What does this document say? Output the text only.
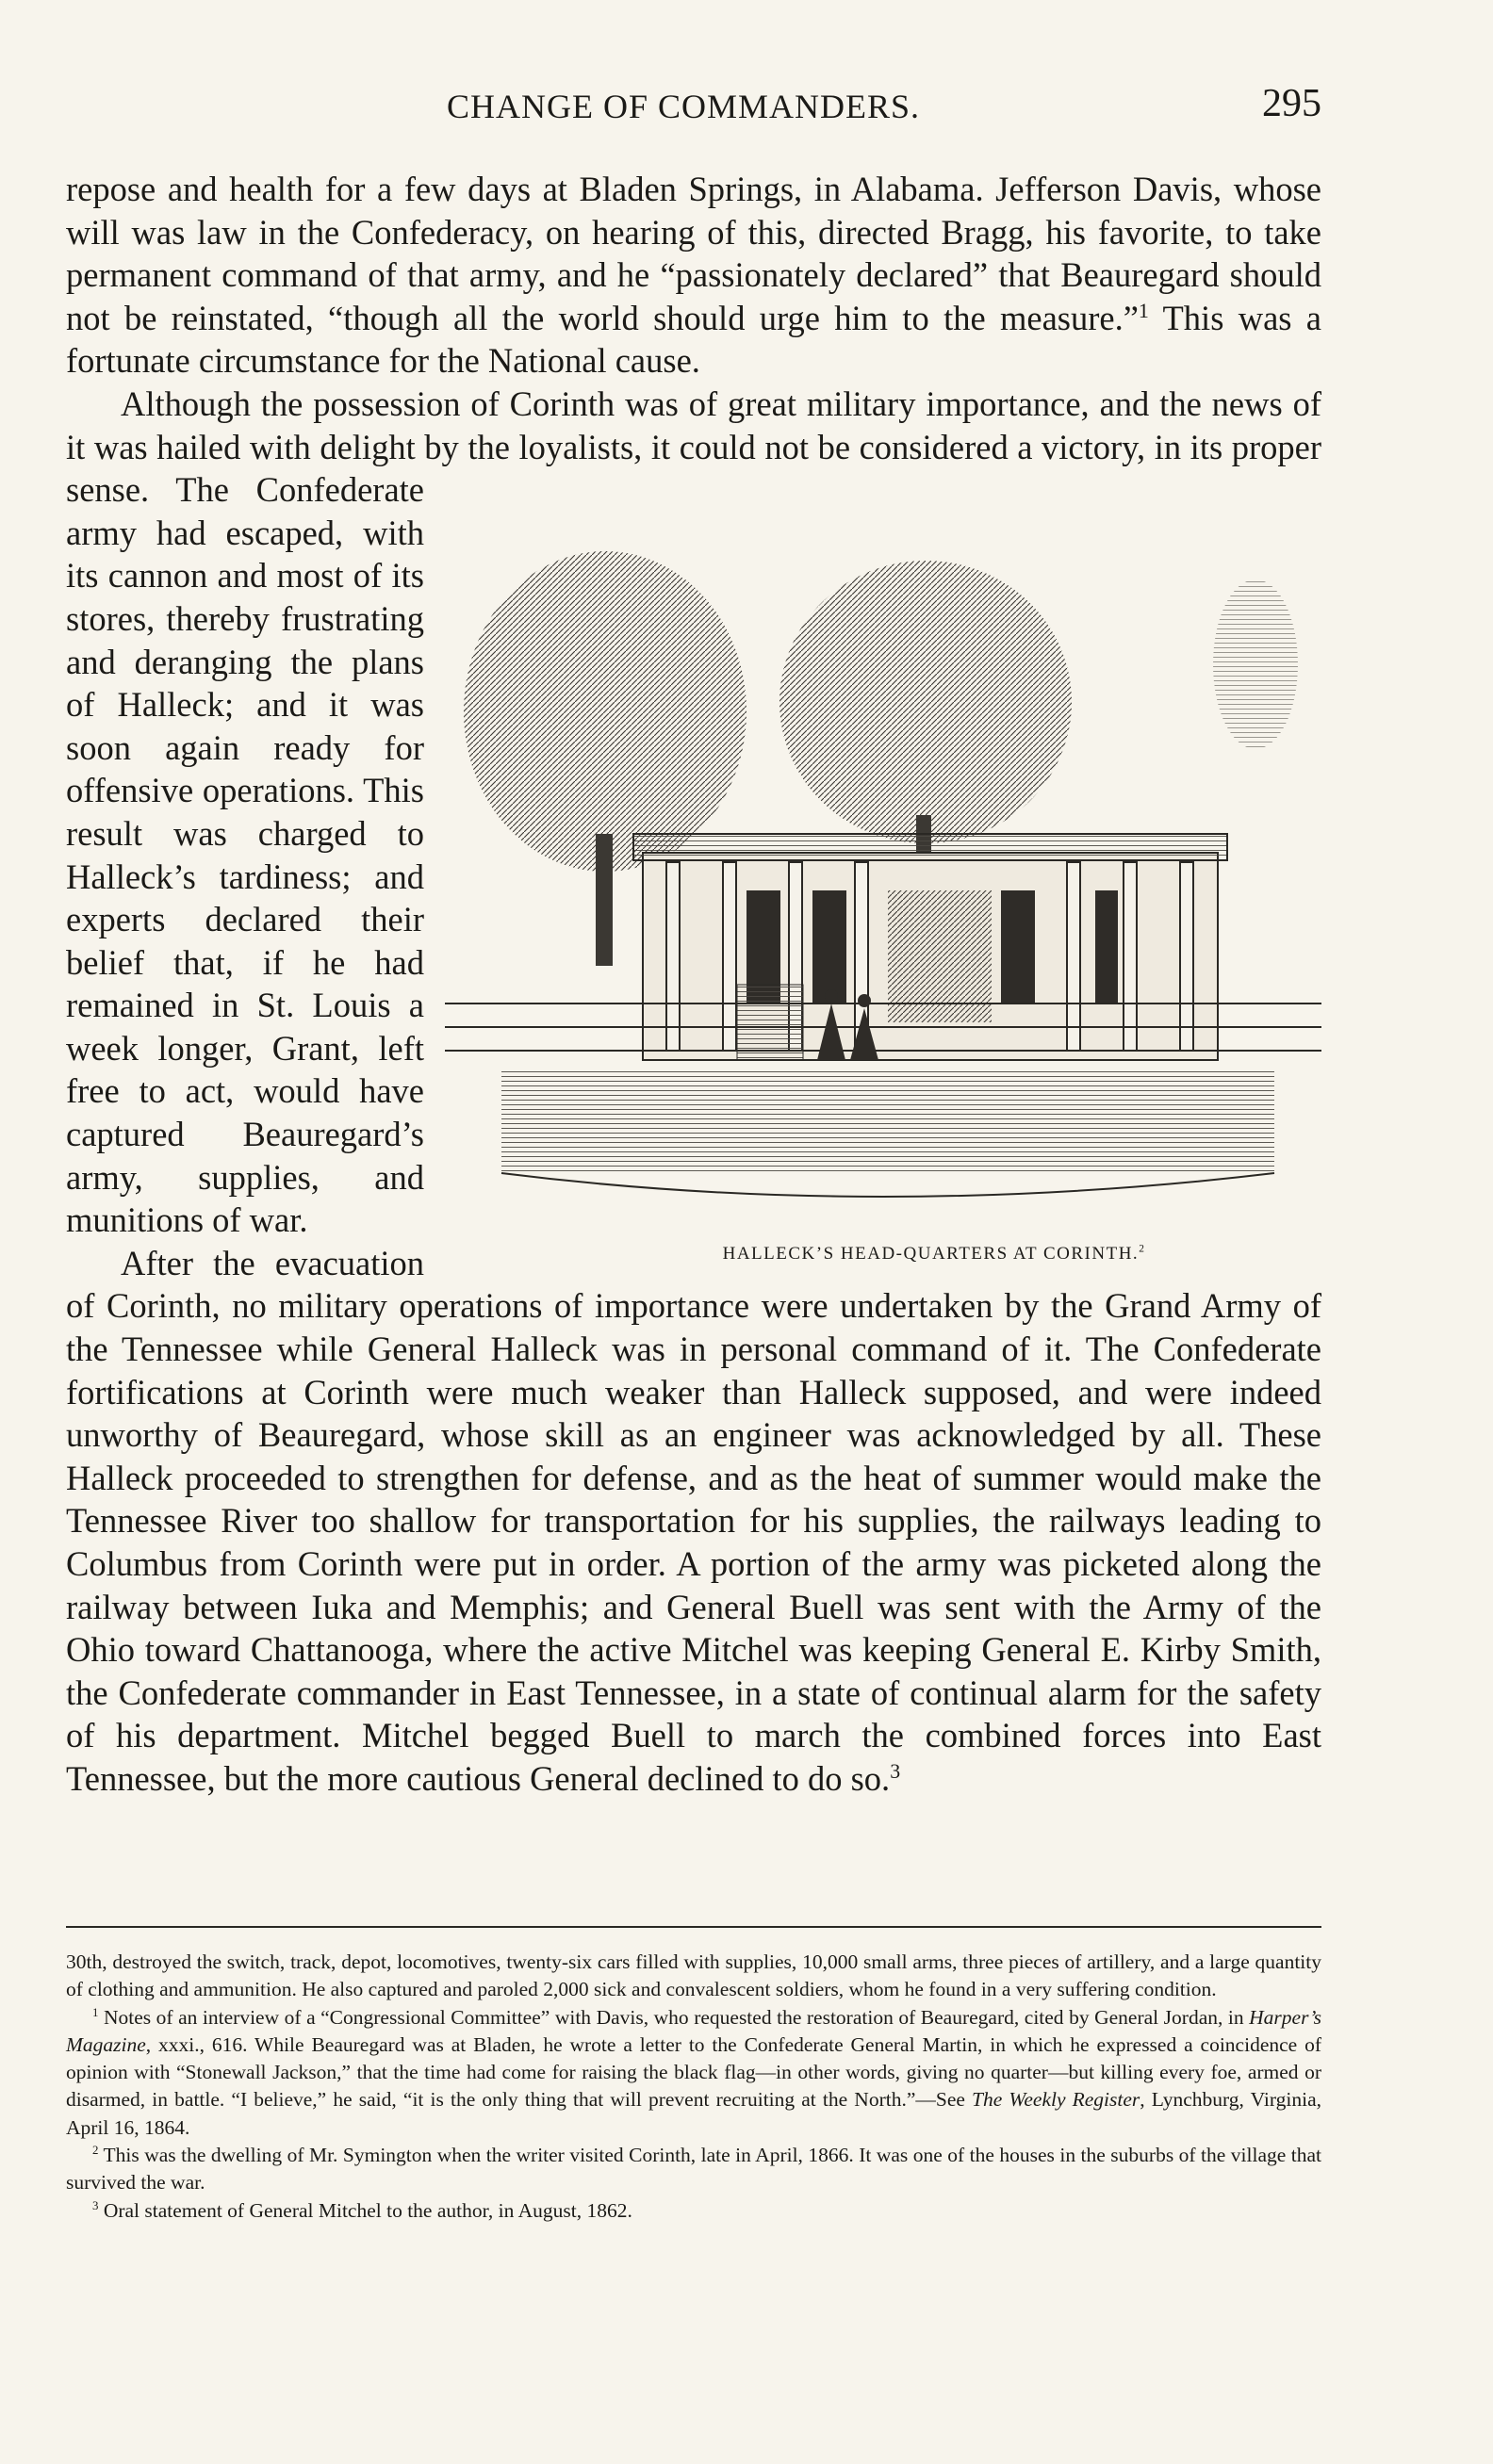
CHANGE OF COMMANDERS.	295

repose and health for a few days at Bladen Springs, in Alabama. Jefferson Davis, whose will was law in the Confederacy, on hearing of this, directed Bragg, his favorite, to take permanent command of that army, and he “passionately declared” that Beauregard should not be reinstated, “though all the world should urge him to the measure.”$^1$ This was a fortunate circumstance for the National cause.

Although the possession of Corinth was of great military importance, and the news of it was hailed with delight by the loyalists, it could not be
HALLECK’S HEAD-QUARTERS AT CORINTH.$^2$
considered a victory, in its proper sense. The Confederate army had escaped, with its cannon and most of its stores, thereby frustrating and deranging the plans of Halleck; and it was soon again ready for offensive operations. This result was charged to Halleck’s tardiness; and experts declared their belief that, if he had remained in St. Louis a week longer, Grant, left free to act, would have captured Beauregard’s army, supplies, and munitions of war.

After the evacuation of Corinth, no military operations of importance were undertaken by the Grand Army of the Tennessee while General Halleck was in personal command of it. The Confederate fortifications at Corinth were much weaker than Halleck supposed, and were indeed unworthy of Beauregard, whose skill as an engineer was acknowledged by all. These Halleck proceeded to strengthen for defense, and as the heat of summer would make the Tennessee River too shallow for transportation for his supplies, the railways leading to Columbus from Corinth were put in order. A portion of the army was picketed along the railway between Iuka and Memphis; and General Buell was sent with the Army of the Ohio toward Chattanooga, where the active Mitchel was keeping General E. Kirby Smith, the Confederate commander in East Tennessee, in a state of continual alarm for the safety of his department. Mitchel begged Buell to march the combined forces into East Tennessee, but the more cautious General declined to do so.$^3$

30th, destroyed the switch, track, depot, locomotives, twenty-six cars filled with supplies, 10,000 small arms, three pieces of artillery, and a large quantity of clothing and ammunition. He also captured and paroled 2,000 sick and convalescent soldiers, whom he found in a very suffering condition.

$^1$ Notes of an interview of a “Congressional Committee” with Davis, who requested the restoration of Beauregard, cited by General Jordan, in Harper’s Magazine, xxxi., 616. While Beauregard was at Bladen, he wrote a letter to the Confederate General Martin, in which he expressed a coincidence of opinion with “Stonewall Jackson,” that the time had come for raising the black flag—in other words, giving no quarter—but killing every foe, armed or disarmed, in battle. “I believe,” he said, “it is the only thing that will prevent recruiting at the North.”—See The Weekly Register, Lynchburg, Virginia, April 16, 1864.

$^2$ This was the dwelling of Mr. Symington when the writer visited Corinth, late in April, 1866. It was one of the houses in the suburbs of the village that survived the war.

$^3$ Oral statement of General Mitchel to the author, in August, 1862.
